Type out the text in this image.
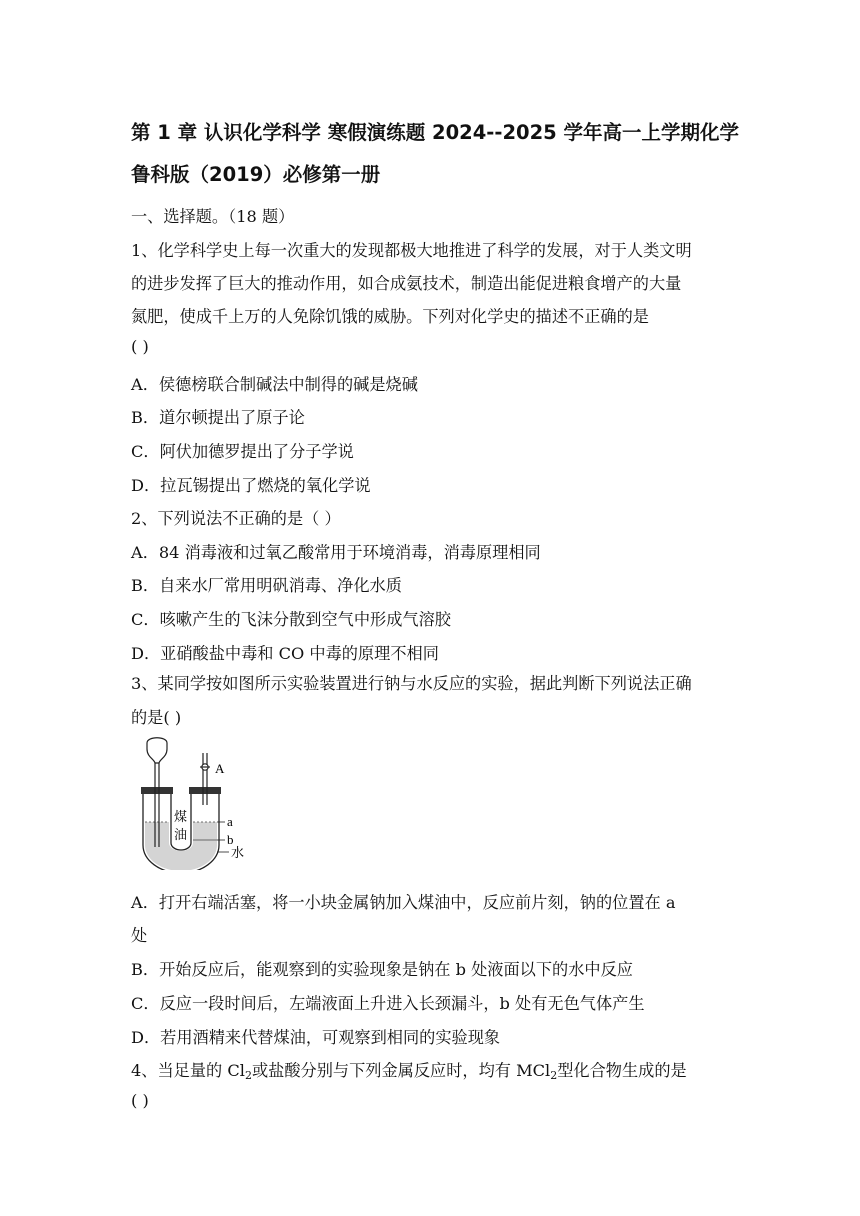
第 1 章 认识化学科学 寒假演练题 2024--2025 学年高一上学期化学
鲁科版（2019）必修第一册
一、选择题。（18 题）
1、化学科学史上每一次重大的发现都极大地推进了科学的发展，对于人类文明
的进步发挥了巨大的推动作用，如合成氨技术，制造出能促进粮食增产的大量
氮肥，使成千上万的人免除饥饿的威胁。下列对化学史的描述不正确的是
( )
A．侯德榜联合制碱法中制得的碱是烧碱
B．道尔顿提出了原子论
C．阿伏加德罗提出了分子学说
D．拉瓦锡提出了燃烧的氧化学说
2、下列说法不正确的是（ ）
A．84 消毒液和过氧乙酸常用于环境消毒，消毒原理相同
B．自来水厂常用明矾消毒、净化水质
C．咳嗽产生的飞沫分散到空气中形成气溶胶
D．亚硝酸盐中毒和 CO 中毒的原理不相同
3、某同学按如图所示实验装置进行钠与水反应的实验，据此判断下列说法正确
的是( )
A
煤
油
a
b
水
A．打开右端活塞，将一小块金属钠加入煤油中，反应前片刻，钠的位置在 a
处
B．开始反应后，能观察到的实验现象是钠在 b 处液面以下的水中反应
C．反应一段时间后，左端液面上升进入长颈漏斗，b 处有无色气体产生
D．若用酒精来代替煤油，可观察到相同的实验现象
4、当足量的 Cl2或盐酸分别与下列金属反应时，均有 MCl2型化合物生成的是
( )
